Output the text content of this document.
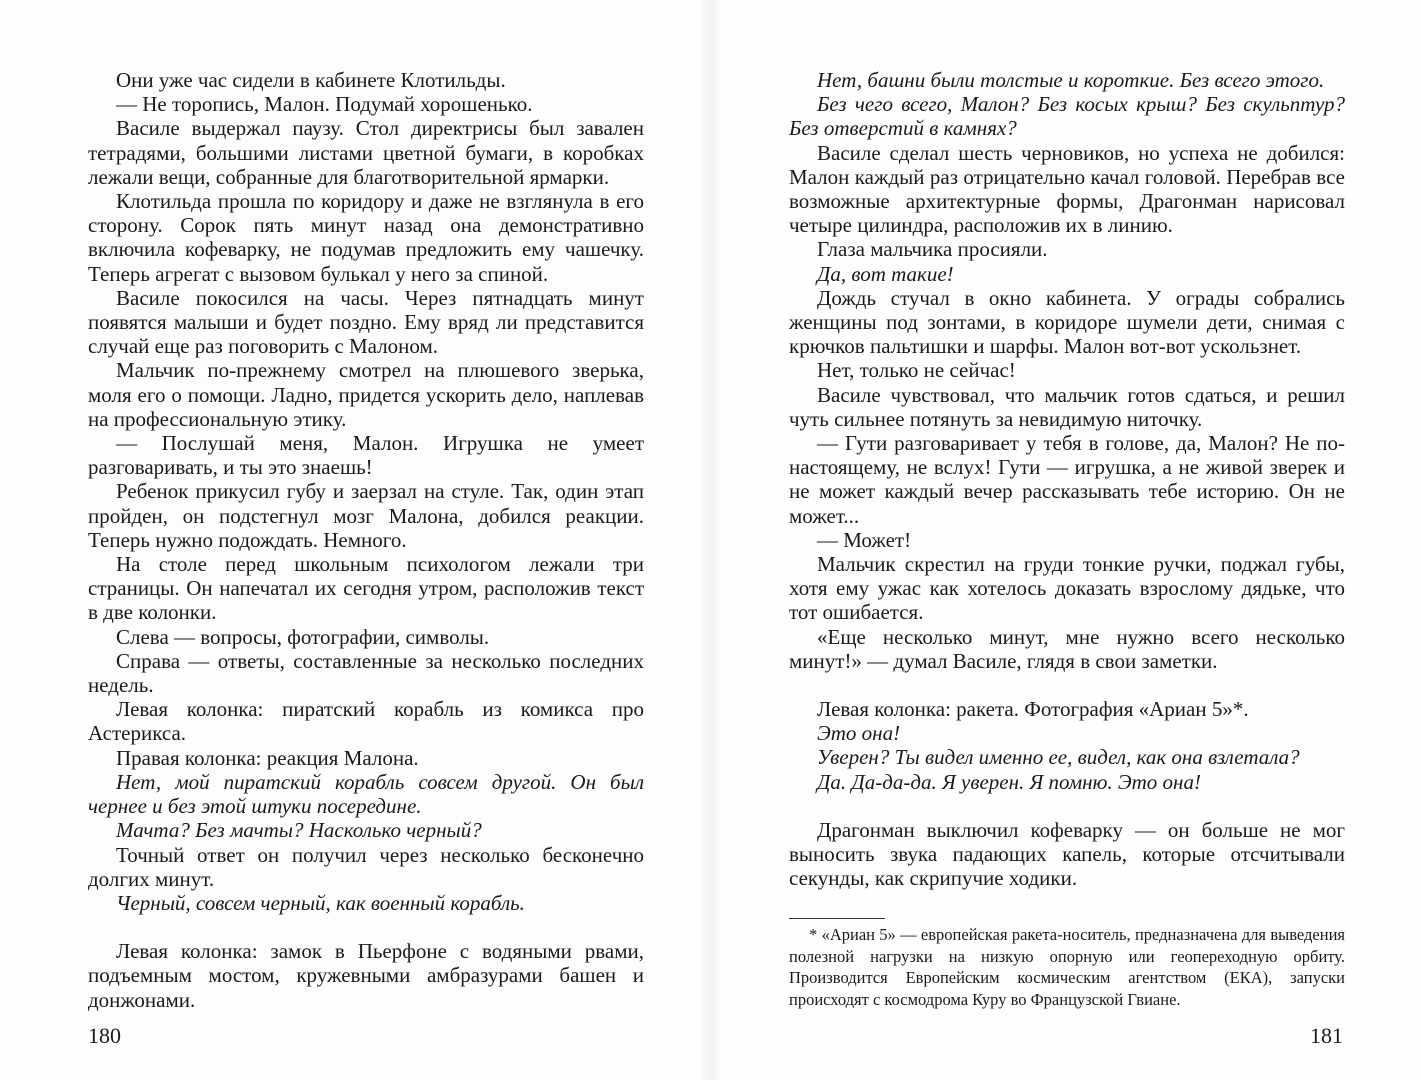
Они уже час сидели в кабинете Клотильды.

— Не торопись, Малон. Подумай хорошенько.

Василе выдержал паузу. Стол директрисы был завален тетрадями, большими листами цветной бумаги, в коробках лежали вещи, собранные для благотворительной ярмарки.

Клотильда прошла по коридору и даже не взглянула в его сторону. Сорок пять минут назад она демонстративно включила кофеварку, не подумав предложить ему чашечку. Теперь агрегат с вызовом булькал у него за спиной.

Василе покосился на часы. Через пятнадцать минут появятся малыши и будет поздно. Ему вряд ли представится случай еще раз поговорить с Малоном.

Мальчик по-прежнему смотрел на плюшевого зверька, моля его о помощи. Ладно, придется ускорить дело, наплевав на профессиональную этику.

— Послушай меня, Малон. Игрушка не умеет разговаривать, и ты это знаешь!

Ребенок прикусил губу и заерзал на стуле. Так, один этап пройден, он подстегнул мозг Малона, добился реакции. Теперь нужно подождать. Немного.

На столе перед школьным психологом лежали три страницы. Он напечатал их сегодня утром, расположив текст в две колонки.

Слева — вопросы, фотографии, символы.

Справа — ответы, составленные за несколько последних недель.

Левая колонка: пиратский корабль из комикса про Астерикса.

Правая колонка: реакция Малона.

Нет, мой пиратский корабль совсем другой. Он был чернее и без этой штуки посередине.

Мачта? Без мачты? Насколько черный?

Точный ответ он получил через несколько бесконечно долгих минут.

Черный, совсем черный, как военный корабль.

Левая колонка: замок в Пьерфоне с водяными рвами, подъемным мостом, кружевными амбразурами башен и донжонами.

180

Нет, башни были толстые и короткие. Без всего этого.

Без чего всего, Малон? Без косых крыш? Без скульптур? Без отверстий в камнях?

Василе сделал шесть черновиков, но успеха не добился: Малон каждый раз отрицательно качал головой. Перебрав все возможные архитектурные формы, Драгонман нарисовал четыре цилиндра, расположив их в линию.

Глаза мальчика просияли.

Да, вот такие!

Дождь стучал в окно кабинета. У ограды собрались женщины под зонтами, в коридоре шумели дети, снимая с крючков пальтишки и шарфы. Малон вот-вот ускользнет.

Нет, только не сейчас!

Василе чувствовал, что мальчик готов сдаться, и решил чуть сильнее потянуть за невидимую ниточку.

— Гути разговаривает у тебя в голове, да, Малон? Не по-настоящему, не вслух! Гути — игрушка, а не живой зверек и не может каждый вечер рассказывать тебе историю. Он не может...

— Может!

Мальчик скрестил на груди тонкие ручки, поджал губы, хотя ему ужас как хотелось доказать взрослому дядьке, что тот ошибается.

«Еще несколько минут, мне нужно всего несколько минут!» — думал Василе, глядя в свои заметки.

Левая колонка: ракета. Фотография «Ариан 5»*.

Это она!

Уверен? Ты видел именно ее, видел, как она взлетала?

Да. Да-да-да. Я уверен. Я помню. Это она!

Драгонман выключил кофеварку — он больше не мог выносить звука падающих капель, которые отсчитывали секунды, как скрипучие ходики.

* «Ариан 5» — европейская ракета-носитель, предназначена для выведения полезной нагрузки на низкую опорную или геопереходную орбиту. Производится Европейским космическим агентством (ЕКА), запуски происходят с космодрома Куру во Французской Гвиане.

181
